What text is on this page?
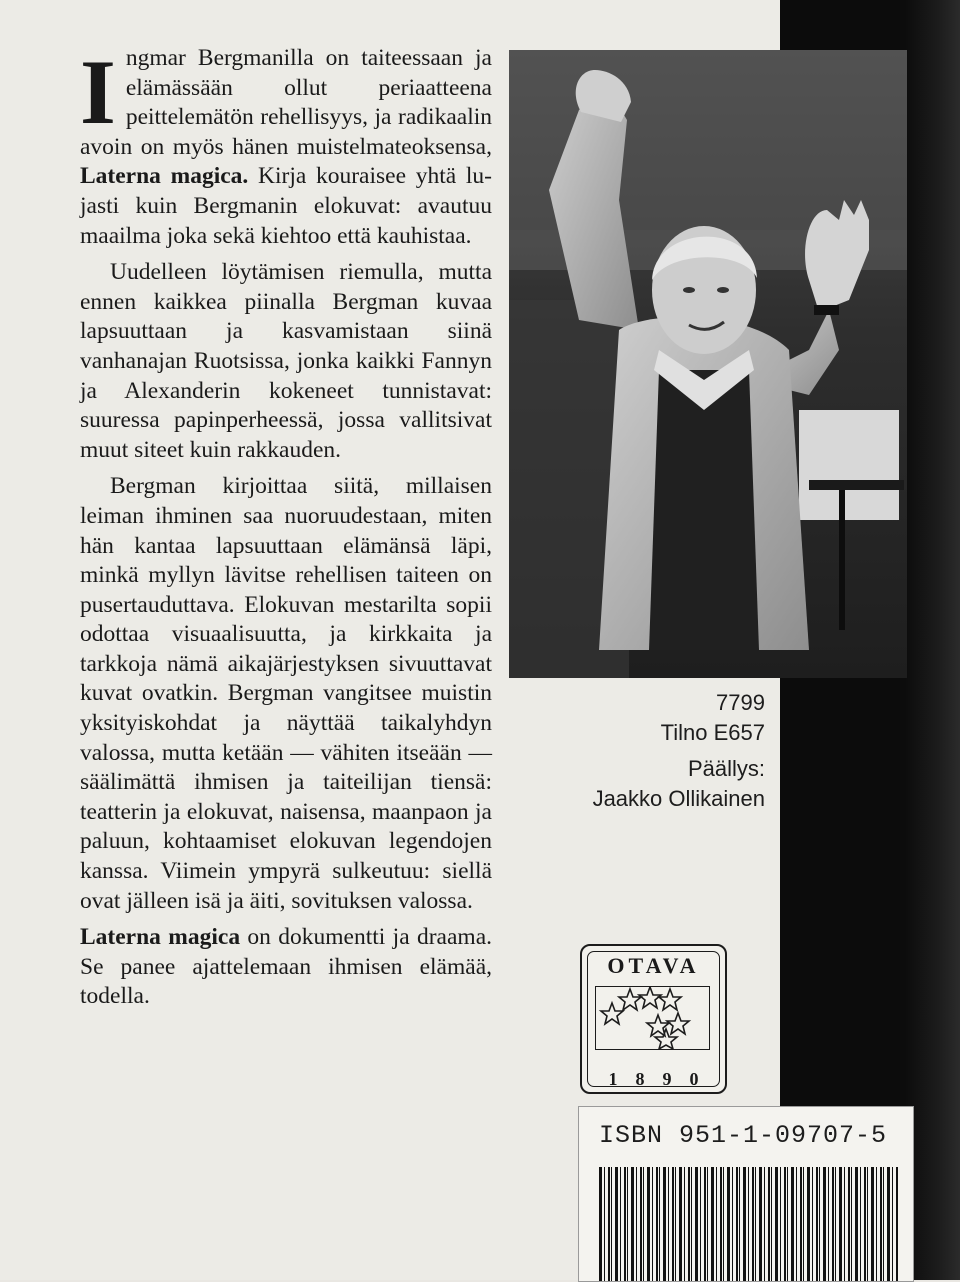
Ingmar Bergmanilla on taiteessaan ja elämässään ollut periaatteena peittelemätön rehellisyys, ja radikaalin avoin on myös hänen muistelmateoksensa, Laterna magica. Kirja kouraisee yhtä lujasti kuin Bergmanin elokuvat: avautuu maailma joka sekä kiehtoo että kauhistaa.

Uudelleen löytämisen riemulla, mutta ennen kaikkea piinalla Bergman kuvaa lapsuuttaan ja kasvamistaan siinä vanhanajan Ruotsissa, jonka kaikki Fannyn ja Alexanderin kokeneet tunnistavat: suuressa papinperheessä, jossa vallitsivat muut siteet kuin rakkauden.

Bergman kirjoittaa siitä, millaisen leiman ihminen saa nuoruudestaan, miten hän kantaa lapsuuttaan elämänsä läpi, minkä myllyn lävitse rehellisen taiteen on pusertauduttava. Elokuvan mestarilta sopii odottaa visuaalisuutta, ja kirkkaita ja tarkkoja nämä aikajärjestyksen sivuuttavat kuvat ovatkin. Bergman vangitsee muistin yksityiskohdat ja näyttää taikalyhdyn valossa, mutta ketään — vähiten itseään — säälimättä ihmisen ja taiteilijan tiensä: teatterin ja elokuvat, naisensa, maanpaon ja paluun, kohtaamiset elokuvan legendojen kanssa. Viimein ympyrä sulkeutuu: siellä ovat jälleen isä ja äiti, sovituksen valossa.

Laterna magica on dokumentti ja draama. Se panee ajattelemaan ihmisen elämää, todella.

7799
Tilno E657
Päällys:
Jaakko Ollikainen
OTAVA
1890
ISBN 951-1-09707-5
